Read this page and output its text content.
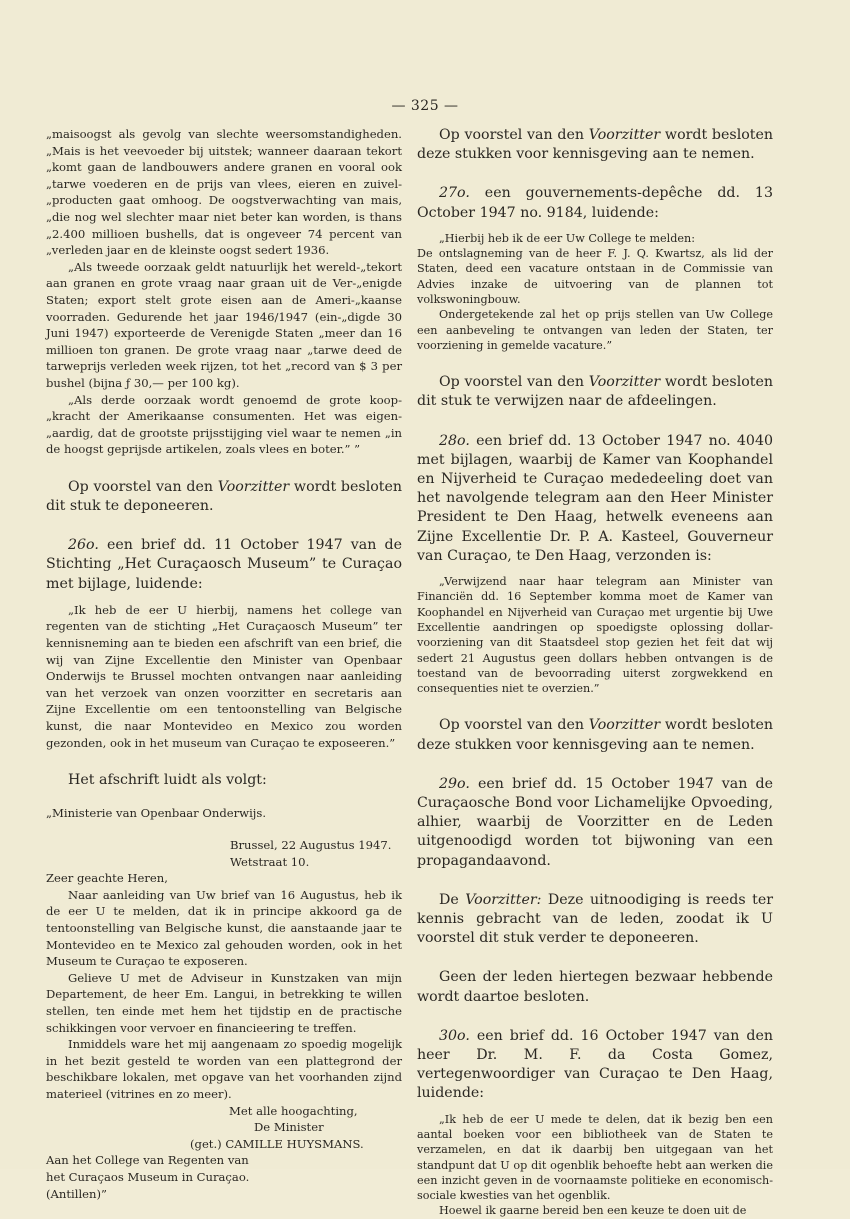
— 325 —

„maisoogst als gevolg van slechte weersomstandigheden. „Mais is het veevoeder bij uitstek; wanneer daaraan tekort „komt gaan de landbouwers andere granen en vooral ook „tarwe voederen en de prijs van vlees, eieren en zuivel-„producten gaat omhoog. De oogstverwachting van mais, „die nog wel slechter maar niet beter kan worden, is thans „2.400 millioen bushells, dat is ongeveer 74 percent van „verleden jaar en de kleinste oogst sedert 1936.

„Als tweede oorzaak geldt natuurlijk het wereld-„tekort aan granen en grote vraag naar graan uit de Ver-„enigde Staten; export stelt grote eisen aan de Ameri-„kaanse voorraden. Gedurende het jaar 1946/1947 (ein-„digde 30 Juni 1947) exporteerde de Verenigde Staten „meer dan 16 millioen ton granen. De grote vraag naar „tarwe deed de tarweprijs verleden week rijzen, tot het „record van $ 3 per bushel (bijna ƒ 30,— per 100 kg).

„Als derde oorzaak wordt genoemd de grote koop-„kracht der Amerikaanse consumenten. Het was eigen-„aardig, dat de grootste prijsstijging viel waar te nemen „in de hoogst geprijsde artikelen, zoals vlees en boter.” ”

Op voorstel van den Voorzitter wordt besloten dit stuk te deponeeren.

26o. een brief dd. 11 October 1947 van de Stichting „Het Curaçaosch Museum” te Curaçao met bijlage, luidende:

„Ik heb de eer U hierbij, namens het college van regenten van de stichting „Het Curaçaosch Museum” ter kennisneming aan te bieden een afschrift van een brief, die wij van Zijne Excellentie den Minister van Openbaar Onderwijs te Brussel mochten ontvangen naar aanleiding van het verzoek van onzen voorzitter en secretaris aan Zijne Excellentie om een tentoonstelling van Belgische kunst, die naar Montevideo en Mexico zou worden gezonden, ook in het museum van Curaçao te exposeeren.”

Het afschrift luidt als volgt:

„Ministerie van Openbaar Onderwijs.

Brussel, 22 Augustus 1947.

Wetstraat 10.

Zeer geachte Heren,

Naar aanleiding van Uw brief van 16 Augustus, heb ik de eer U te melden, dat ik in principe akkoord ga de tentoonstelling van Belgische kunst, die aanstaande jaar te Montevideo en te Mexico zal gehouden worden, ook in het Museum te Curaçao te exposeren.

Gelieve U met de Adviseur in Kunstzaken van mijn Departement, de heer Em. Langui, in betrekking te willen stellen, ten einde met hem het tijdstip en de practische schikkingen voor vervoer en financieering te treffen.

Inmiddels ware het mij aangenaam zo spoedig mogelijk in het bezit gesteld te worden van een plattegrond der beschikbare lokalen, met opgave van het voorhanden zijnd materieel (vitrines en zo meer).

Met alle hoogachting,

De Minister

(get.) CAMILLE HUYSMANS.

Aan het College van Regenten van

het Curaçaos Museum in Curaçao.

(Antillen)”

Op voorstel van den Voorzitter wordt besloten deze stukken voor kennisgeving aan te nemen.

27o. een gouvernements-depêche dd. 13 October 1947 no. 9184, luidende:

„Hierbij heb ik de eer Uw College te melden:

De ontslagneming van de heer F. J. Q. Kwartsz, als lid der Staten, deed een vacature ontstaan in de Commissie van Advies inzake de uitvoering van de plannen tot volkswoningbouw.

Ondergetekende zal het op prijs stellen van Uw College een aanbeveling te ontvangen van leden der Staten, ter voorziening in gemelde vacature.”

Op voorstel van den Voorzitter wordt besloten dit stuk te verwijzen naar de afdeelingen.

28o. een brief dd. 13 October 1947 no. 4040 met bijlagen, waarbij de Kamer van Koophandel en Nijverheid te Curaçao mededeeling doet van het navolgende telegram aan den Heer Minister President te Den Haag, hetwelk eveneens aan Zijne Excellentie Dr. P. A. Kasteel, Gouverneur van Curaçao, te Den Haag, verzonden is:

„Verwijzend naar haar telegram aan Minister van Financiën dd. 16 September komma moet de Kamer van Koophandel en Nijverheid van Curaçao met urgentie bij Uwe Excellentie aandringen op spoedigste oplossing dollar-voorziening van dit Staatsdeel stop gezien het feit dat wij sedert 21 Augustus geen dollars hebben ontvangen is de toestand van de bevoorrading uiterst zorgwekkend en consequenties niet te overzien.”

Op voorstel van den Voorzitter wordt besloten deze stukken voor kennisgeving aan te nemen.

29o. een brief dd. 15 October 1947 van de Curaçaosche Bond voor Lichamelijke Opvoeding, alhier, waarbij de Voorzitter en de Leden uitgenoodigd worden tot bijwoning van een propagandaavond.

De Voorzitter: Deze uitnoodiging is reeds ter kennis gebracht van de leden, zoodat ik U voorstel dit stuk verder te deponeeren.

Geen der leden hiertegen bezwaar hebbende wordt daartoe besloten.

30o. een brief dd. 16 October 1947 van den heer Dr. M. F. da Costa Gomez, vertegenwoordiger van Curaçao te Den Haag, luidende:

„Ik heb de eer U mede te delen, dat ik bezig ben een aantal boeken voor een bibliotheek van de Staten te verzamelen, en dat ik daarbij ben uitgegaan van het standpunt dat U op dit ogenblik behoefte hebt aan werken die een inzicht geven in de voornaamste politieke en economisch-sociale kwesties van het ogenblik.

Hoewel ik gaarne bereid ben een keuze te doen uit de
